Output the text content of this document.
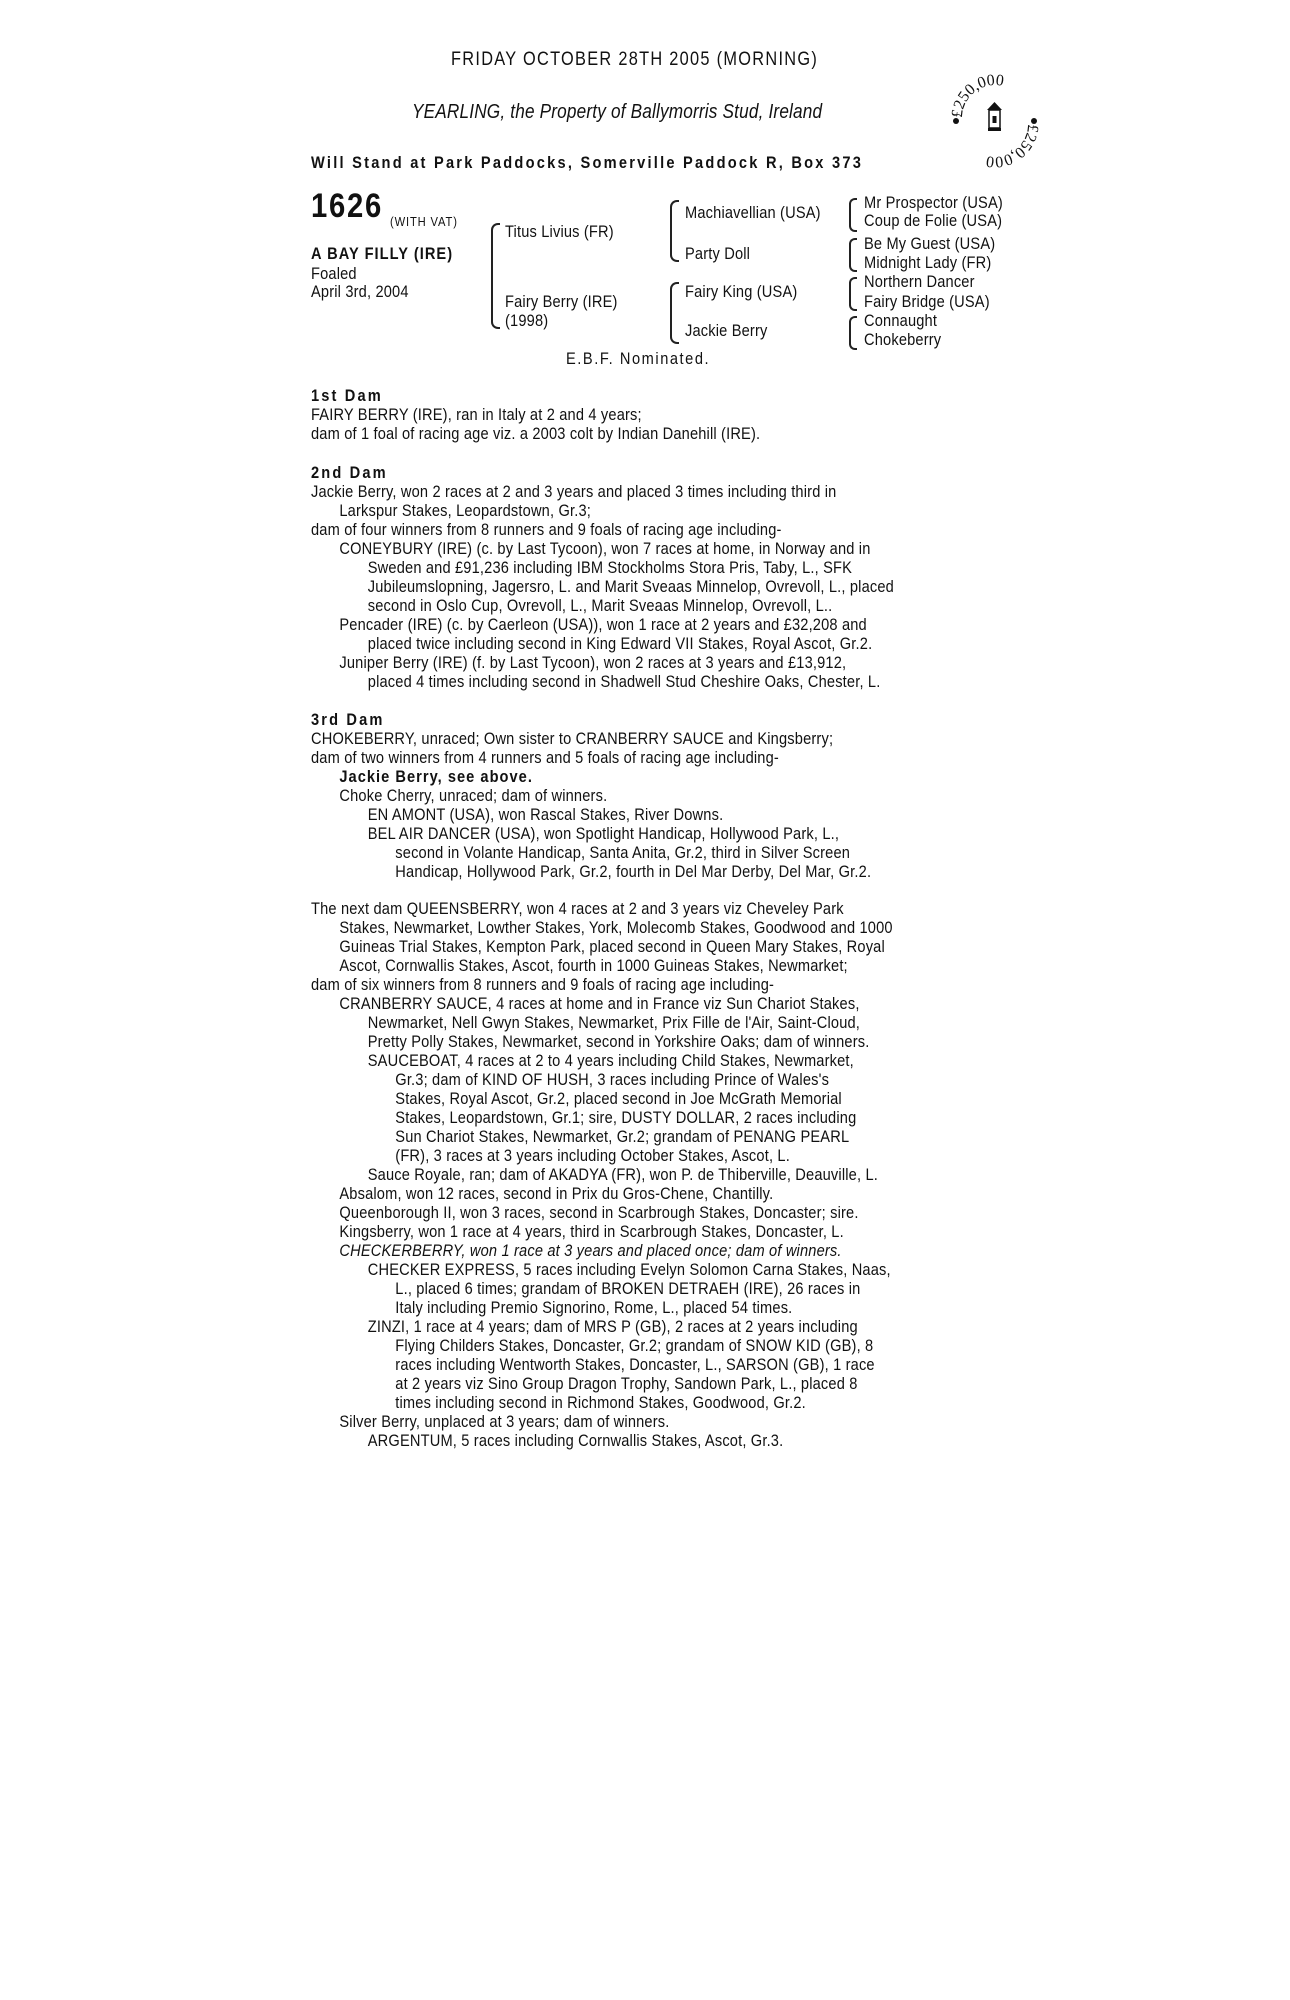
FRIDAY OCTOBER 28TH 2005 (MORNING)
YEARLING, the Property of Ballymorris Stud, Ireland
Will Stand at Park Paddocks, Somerville Paddock R, Box 373
£250,000
£250,000
1626 (WITH VAT)
A BAY FILLY (IRE)
Foaled
April 3rd, 2004
Titus Livius (FR)
Fairy Berry (IRE)
(1998)
Machiavellian (USA)
Party Doll
Fairy King (USA)
Jackie Berry
Mr Prospector (USA)
Coup de Folie (USA)
Be My Guest (USA)
Midnight Lady (FR)
Northern Dancer
Fairy Bridge (USA)
Connaught
Chokeberry
E.B.F. Nominated.
1st Dam
FAIRY BERRY (IRE), ran in Italy at 2 and 4 years;
dam of 1 foal of racing age viz. a 2003 colt by Indian Danehill (IRE).
2nd Dam
Jackie Berry, won 2 races at 2 and 3 years and placed 3 times including third in
Larkspur Stakes, Leopardstown, Gr.3;
dam of four winners from 8 runners and 9 foals of racing age including-
CONEYBURY (IRE) (c. by Last Tycoon), won 7 races at home, in Norway and in
Sweden and £91,236 including IBM Stockholms Stora Pris, Taby, L., SFK
Jubileumslopning, Jagersro, L. and Marit Sveaas Minnelop, Ovrevoll, L., placed
second in Oslo Cup, Ovrevoll, L., Marit Sveaas Minnelop, Ovrevoll, L..
Pencader (IRE) (c. by Caerleon (USA)), won 1 race at 2 years and £32,208 and
placed twice including second in King Edward VII Stakes, Royal Ascot, Gr.2.
Juniper Berry (IRE) (f. by Last Tycoon), won 2 races at 3 years and £13,912,
placed 4 times including second in Shadwell Stud Cheshire Oaks, Chester, L.
3rd Dam
CHOKEBERRY, unraced; Own sister to CRANBERRY SAUCE and Kingsberry;
dam of two winners from 4 runners and 5 foals of racing age including-
Jackie Berry, see above.
Choke Cherry, unraced; dam of winners.
EN AMONT (USA), won Rascal Stakes, River Downs.
BEL AIR DANCER (USA), won Spotlight Handicap, Hollywood Park, L.,
second in Volante Handicap, Santa Anita, Gr.2, third in Silver Screen
Handicap, Hollywood Park, Gr.2, fourth in Del Mar Derby, Del Mar, Gr.2.
The next dam QUEENSBERRY, won 4 races at 2 and 3 years viz Cheveley Park
Stakes, Newmarket, Lowther Stakes, York, Molecomb Stakes, Goodwood and 1000
Guineas Trial Stakes, Kempton Park, placed second in Queen Mary Stakes, Royal
Ascot, Cornwallis Stakes, Ascot, fourth in 1000 Guineas Stakes, Newmarket;
dam of six winners from 8 runners and 9 foals of racing age including-
CRANBERRY SAUCE, 4 races at home and in France viz Sun Chariot Stakes,
Newmarket, Nell Gwyn Stakes, Newmarket, Prix Fille de l'Air, Saint-Cloud,
Pretty Polly Stakes, Newmarket, second in Yorkshire Oaks; dam of winners.
SAUCEBOAT, 4 races at 2 to 4 years including Child Stakes, Newmarket,
Gr.3; dam of KIND OF HUSH, 3 races including Prince of Wales's
Stakes, Royal Ascot, Gr.2, placed second in Joe McGrath Memorial
Stakes, Leopardstown, Gr.1; sire, DUSTY DOLLAR, 2 races including
Sun Chariot Stakes, Newmarket, Gr.2; grandam of PENANG PEARL
(FR), 3 races at 3 years including October Stakes, Ascot, L.
Sauce Royale, ran; dam of AKADYA (FR), won P. de Thiberville, Deauville, L.
Absalom, won 12 races, second in Prix du Gros-Chene, Chantilly.
Queenborough II, won 3 races, second in Scarbrough Stakes, Doncaster; sire.
Kingsberry, won 1 race at 4 years, third in Scarbrough Stakes, Doncaster, L.
CHECKERBERRY, won 1 race at 3 years and placed once; dam of winners.
CHECKER EXPRESS, 5 races including Evelyn Solomon Carna Stakes, Naas,
L., placed 6 times; grandam of BROKEN DETRAEH (IRE), 26 races in
Italy including Premio Signorino, Rome, L., placed 54 times.
ZINZI, 1 race at 4 years; dam of MRS P (GB), 2 races at 2 years including
Flying Childers Stakes, Doncaster, Gr.2; grandam of SNOW KID (GB), 8
races including Wentworth Stakes, Doncaster, L., SARSON (GB), 1 race
at 2 years viz Sino Group Dragon Trophy, Sandown Park, L., placed 8
times including second in Richmond Stakes, Goodwood, Gr.2.
Silver Berry, unplaced at 3 years; dam of winners.
ARGENTUM, 5 races including Cornwallis Stakes, Ascot, Gr.3.
